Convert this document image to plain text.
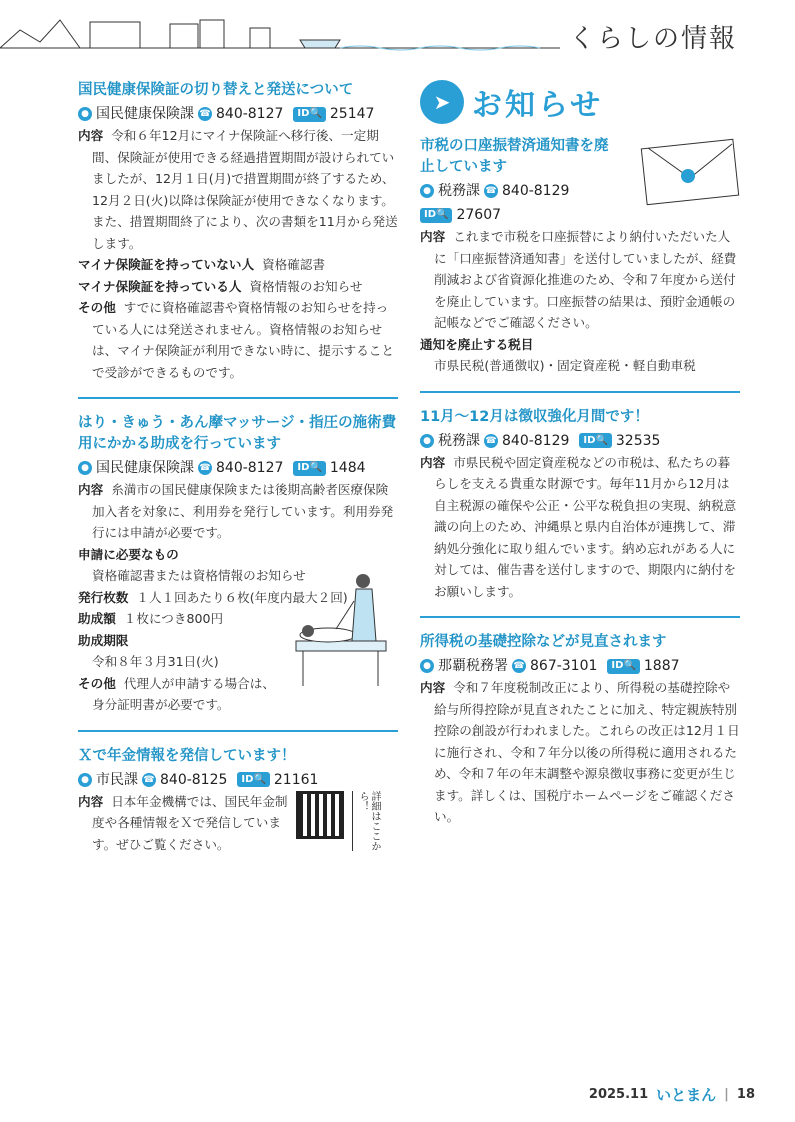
くらしの情報
国民健康保険証の切り替えと発送について
● 国民健康保険課 ☎ 840-8127 ID 🔍 25147
内容 令和６年12月にマイナ保険証へ移行後、一定期間、保険証が使用できる経過措置期間が設けられていましたが、12月１日(月)で措置期間が終了するため、12月２日(火)以降は保険証が使用できなくなります。また、措置期間終了により、次の書類を11月から発送します。
マイナ保険証を持っていない人 資格確認書
マイナ保険証を持っている人 資格情報のお知らせ
その他 すでに資格確認書や資格情報のお知らせを持っている人には発送されません。資格情報のお知らせは、マイナ保険証が利用できない時に、提示することで受診ができるものです。
はり・きゅう・あん摩マッサージ・指圧の施術費用にかかる助成を行っています
● 国民健康保険課 ☎ 840-8127 ID 🔍 1484
内容 糸満市の国民健康保険または後期高齢者医療保険加入者を対象に、利用券を発行しています。利用券発行には申請が必要です。
申請に必要なもの
資格確認書または資格情報のお知らせ
発行枚数 １人１回あたり６枚(年度内最大２回)
助成額 １枚につき800円
助成期限
令和８年３月31日(火)
その他 代理人が申請する場合は、身分証明書が必要です。
Ｘで年金情報を発信しています！
● 市民課 ☎ 840-8125 ID 🔍 21161
内容 日本年金機構では、国民年金制度や各種情報をＸで発信しています。ぜひご覧ください。	詳細はここから！
➤ お知らせ
市税の口座振替済通知書を廃止しています
● 税務課 ☎ 840-8129
ID 🔍 27607
内容 これまで市税を口座振替により納付いただいた人に「口座振替済通知書」を送付していましたが、経費削減および省資源化推進のため、令和７年度から送付を廃止しています。口座振替の結果は、預貯金通帳の記帳などでご確認ください。
通知を廃止する税目
市県民税(普通徴収)・固定資産税・軽自動車税
11月～12月は徴収強化月間です！
● 税務課 ☎ 840-8129 ID 🔍 32535
内容 市県民税や固定資産税などの市税は、私たちの暮らしを支える貴重な財源です。毎年11月から12月は自主税源の確保や公正・公平な税負担の実現、納税意識の向上のため、沖縄県と県内自治体が連携して、滞納処分強化に取り組んでいます。納め忘れがある人に対しては、催告書を送付しますので、期限内に納付をお願いします。
所得税の基礎控除などが見直されます
● 那覇税務署 ☎ 867-3101 ID 🔍 1887
内容 令和７年度税制改正により、所得税の基礎控除や給与所得控除が見直されたことに加え、特定親族特別控除の創設が行われました。これらの改正は12月１日に施行され、令和７年分以後の所得税に適用されるため、令和７年の年末調整や源泉徴収事務に変更が生じます。詳しくは、国税庁ホームページをご確認ください。
2025.11 いとまん | 18
